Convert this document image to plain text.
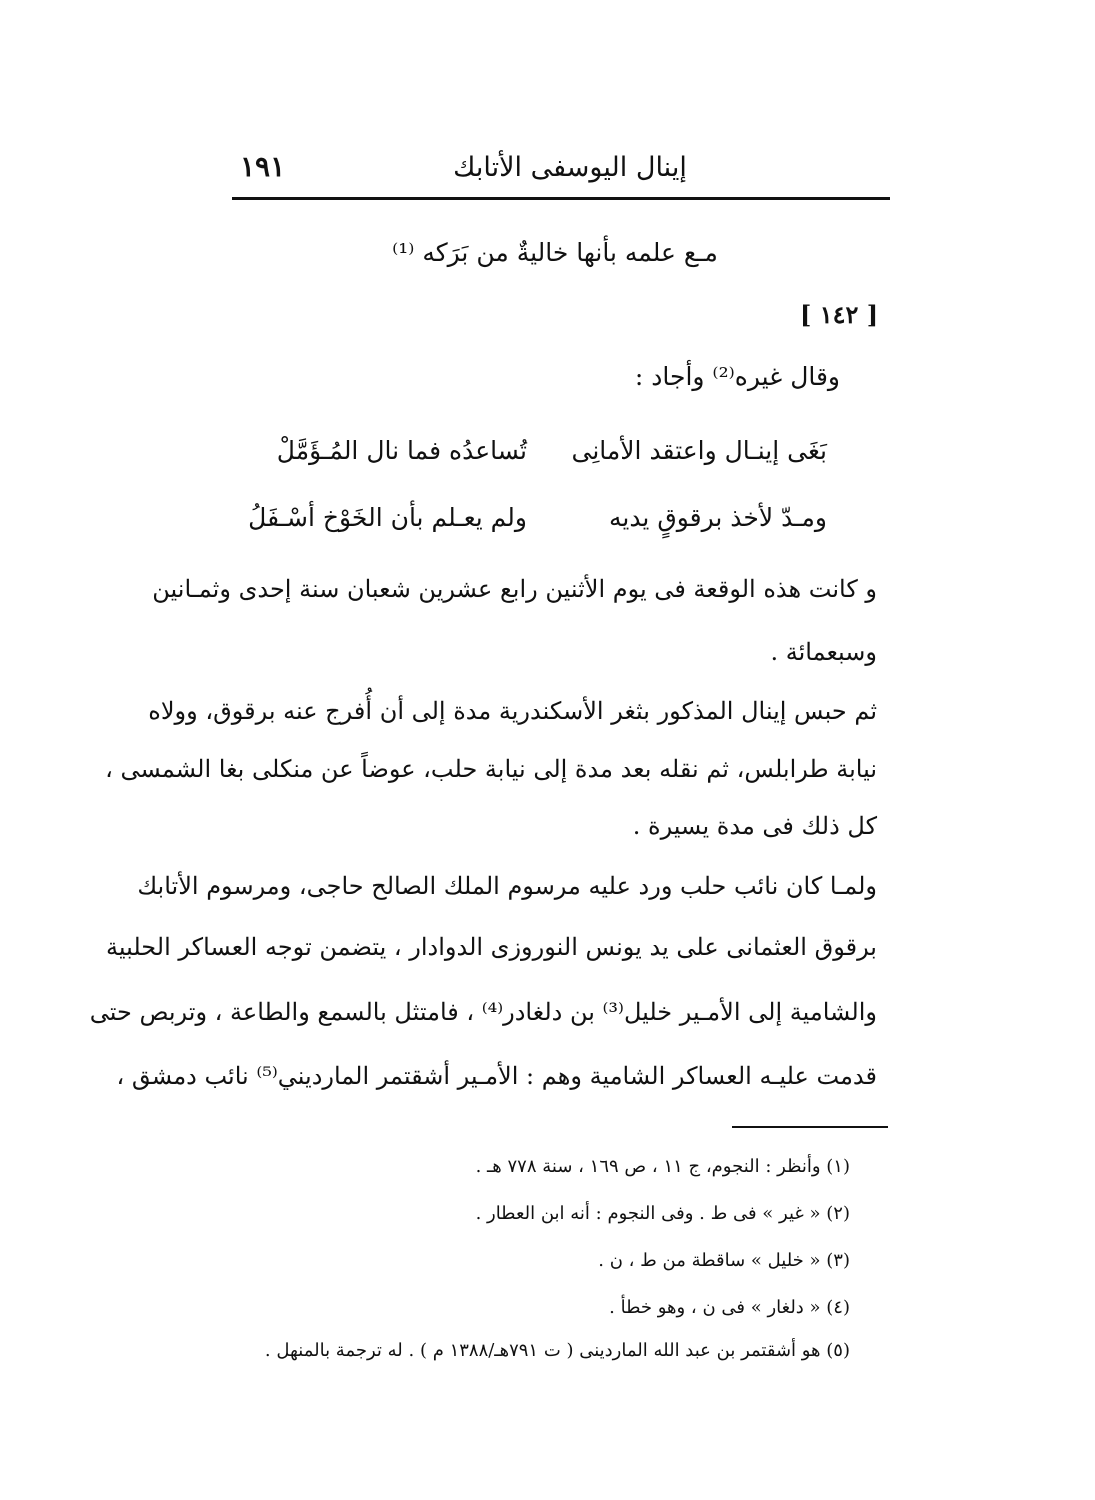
إينال اليوسفى الأتابك
١٩١
مـع علمه بأنها خاليةٌ من بَرَكه ⁽¹⁾
[ ١٤٢ ]
وقال غيره⁽²⁾ وأجاد :
بَغَى إينـال واعتقد الأمانِى
تُساعدُه فما نال المُـؤَمَّلْ
ومـدّ لأخذ برقوقٍ يديه
ولم يعـلم بأن الخَوْخ أسْـفَلُ
و كانت هذه الوقعة فى يوم الأثنين رابع عشرين شعبان سنة إحدى وثمـانين
وسبعمائة .
ثم حبس إينال المذكور بثغر الأسكندرية مدة إلى أن أُفرج عنه برقوق، وولاه
نيابة طرابلس، ثم نقله بعد مدة إلى نيابة حلب، عوضاً عن منكلى بغا الشمسى ،
كل ذلك فى مدة يسيرة .
ولمـا كان نائب حلب ورد عليه مرسوم الملك الصالح حاجى، ومرسوم الأتابك
برقوق العثمانى على يد يونس النوروزى الدوادار ، يتضمن توجه العساكر الحلبية
والشامية إلى الأمـير خليل⁽³⁾ بن دلغادر⁽⁴⁾ ، فامتثل بالسمع والطاعة ، وتربص حتى
قدمت عليـه العساكر الشامية وهم : الأمـير أشقتمر المارديني⁽⁵⁾ نائب دمشق ،
(١) وأنظر : النجوم، ج ١١ ، ص ١٦٩ ، سنة ٧٧٨ هـ .
(٢) « غير » فى ط . وفى النجوم : أنه ابن العطار .
(٣) « خليل » ساقطة من ط ، ن .
(٤) « دلغار » فى ن ، وهو خطأ .
(٥) هو أشقتمر بن عبد الله الماردينى ( ت ٧٩١هـ/١٣٨٨ م ) . له ترجمة بالمنهل .
